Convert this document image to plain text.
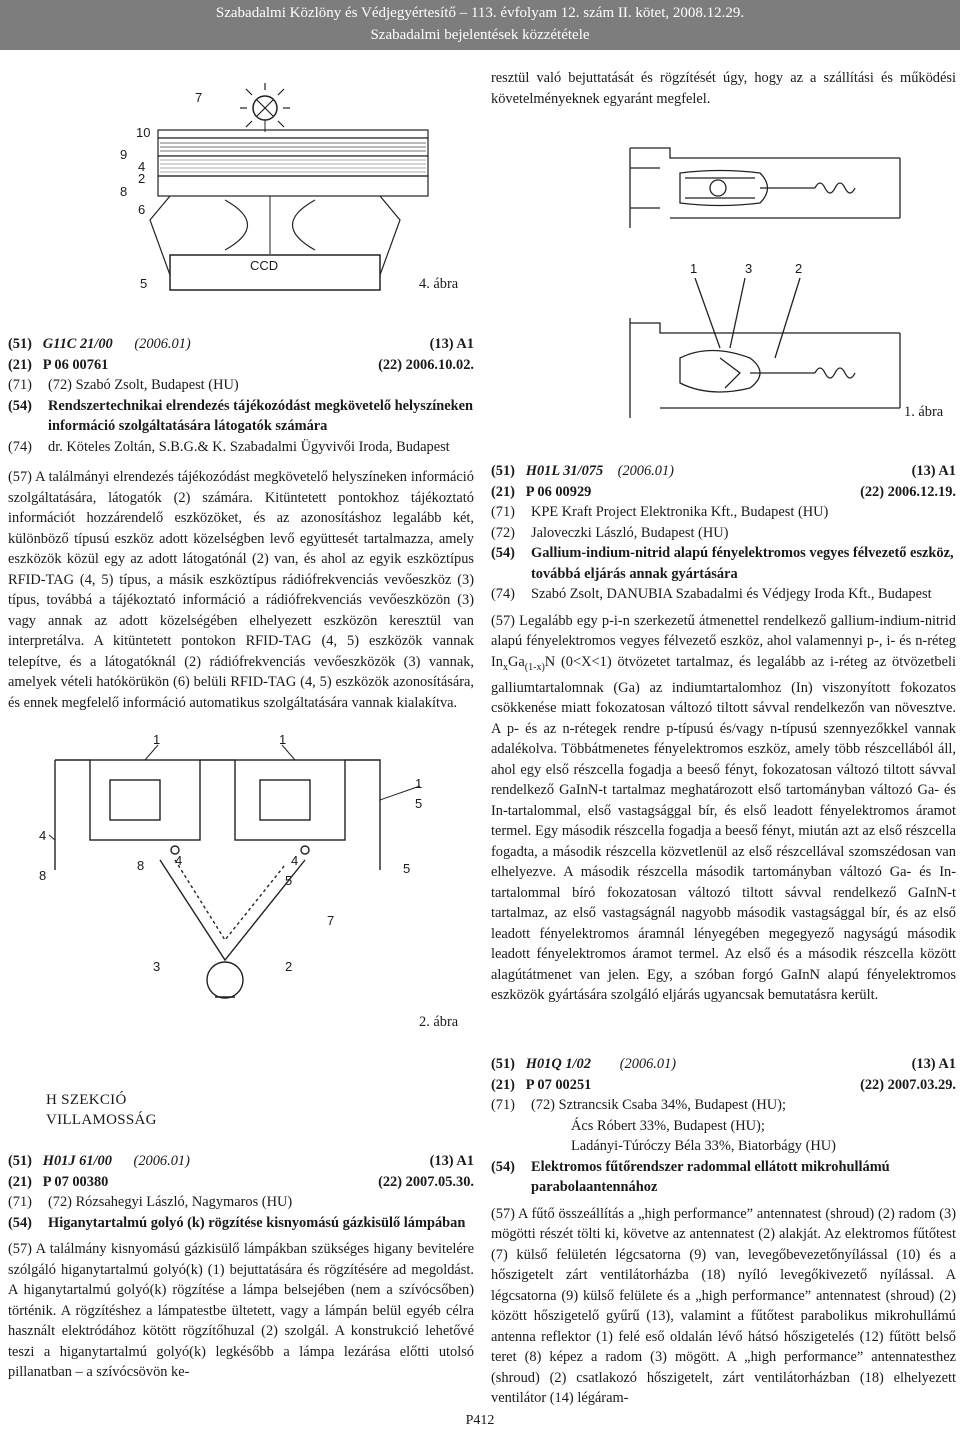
Szabadalmi Közlöny és Védjegyértesítő – 113. évfolyam 12. szám II. kötet, 2008.12.29.
Szabadalmi bejelentések közzététele
CCD
7
10
9
4
2
8
6
5	4. ábra

resztül való bejuttatását és rögzítését úgy, hogy az a szállítási és működési követelményeknek egyaránt megfelel.

1	3	2
1. ábra
(51) G11C 21/00 (2006.01)	(13) A1
(21) P 06 00761	(22) 2006.10.02.
(71)	(72) Szabó Zsolt, Budapest (HU)
(54)	Rendszertechnikai elrendezés tájékozódást megkövetelő helyszíneken információ szolgáltatására látogatók számára
(74)	dr. Köteles Zoltán, S.B.G.& K. Szabadalmi Ügyvivői Iroda, Budapest

(57) A találmányi elrendezés tájékozódást megkövetelő helyszíneken információ szolgáltatására, látogatók (2) számára. Kitüntetett pontokhoz tájékoztató információt hozzárendelő eszközöket, és az azonosításhoz legalább két, különböző típusú eszköz adott közelségben levő együttesét tartalmazza, amely eszközök közül egy az adott látogatónál (2) van, és ahol az egyik eszköztípus RFID-TAG (4, 5) típus, a másik eszköztípus rádiófrekvenciás vevőeszköz (3) típus, továbbá a tájékoztató információ a rádiófrekvenciás vevőeszközön (3) vagy annak az adott közelségében elhelyezett eszközön keresztül van interpretálva. A kitüntetett pontokon RFID-TAG (4, 5) eszközök vannak telepítve, és a látogatóknál (2) rádiófrekvenciás vevőeszközök (3) vannak, amelyek vételi hatókörükön (6) belüli RFID-TAG (4, 5) eszközök azonosítására, és ennek megfelelő információ automatikus szolgáltatására vannak kialakítva.

1	1
1
5
4
8
8 4	4
5
5
7
3	2
2. ábra
(51) H01L 31/075 (2006.01)	(13) A1
(21) P 06 00929	(22) 2006.12.19.
(71)	KPE Kraft Project Elektronika Kft., Budapest (HU)
(72)	Jaloveczki László, Budapest (HU)
(54)	Gallium-indium-nitrid alapú fényelektromos vegyes félvezető eszköz, továbbá eljárás annak gyártására
(74)	Szabó Zsolt, DANUBIA Szabadalmi és Védjegy Iroda Kft., Budapest

(57) Legalább egy p-i-n szerkezetű átmenettel rendelkező gallium-indium-nitrid alapú fényelektromos vegyes félvezető eszköz, ahol valamennyi p-, i- és n-réteg $In_xGa_{(1-x)}N$ (0<X<1) ötvözetet tartalmaz, és legalább az i-réteg az ötvözetbeli galliumtartalomnak (Ga) az indiumtartalomhoz (In) viszonyított fokozatos csökkenése miatt fokozatosan változó tiltott sávval rendelkezőn van növesztve. A p- és az n-rétegek rendre p-típusú és/vagy n-típusú szennyezőkkel vannak adalékolva. Többátmenetes fényelektromos eszköz, amely több részcellából áll, ahol egy első részcella fogadja a beeső fényt, fokozatosan változó tiltott sávval rendelkező GaInN-t tartalmaz meghatározott első tartományban változó Ga- és In-tartalommal, első vastagsággal bír, és első leadott fényelektromos áramot termel. Egy második részcella fogadja a beeső fényt, miután azt az első részcella fogadta, a második részcella közvetlenül az első részcellával szomszédosan van elhelyezve. A második részcella második tartományban változó Ga- és In-tartalommal bíró fokozatosan változó tiltott sávval rendelkező GaInN-t tartalmaz, az első vastagságnál nagyobb második vastagsággal bír, és az első leadott fényelektromos áramnál lényegében megegyező nagyságú második leadott fényelektromos áramot termel. Az első és a második részcella között alagútátmenet van jelen. Egy, a szóban forgó GaInN alapú fényelektromos eszközök gyártására szolgáló eljárás ugyancsak bemutatásra került.

H SZEKCIÓ
VILLAMOSSÁG
(51) H01J 61/00 (2006.01)	(13) A1
(21) P 07 00380	(22) 2007.05.30.
(71)	(72) Rózsahegyi László, Nagymaros (HU)
(54)	Higanytartalmú golyó (k) rögzítése kisnyomású gázkisülő lámpában

(57) A találmány kisnyomású gázkisülő lámpákban szükséges higany bevitelére szólgáló higanytartalmú golyó(k) (1) bejuttatására és rögzítésére ad megoldást. A higanytartalmú golyó(k) rögzítése a lámpa belsejében (nem a szívócsőben) történik. A rögzítéshez a lámpatestbe ültetett, vagy a lámpán belül egyéb célra használt elektródához kötött rögzítőhuzal (2) szolgál. A konstrukció lehetővé teszi a higanytartalmú golyó(k) legkésőbb a lámpa lezárása előtti utolsó pillanatban – a szívócsövön ke-

(51) H01Q 1/02 (2006.01)	(13) A1
(21) P 07 00251	(22) 2007.03.29.
(71)	(72) Sztrancsik Csaba 34%, Budapest (HU);
Ács Róbert 33%, Budapest (HU);
Ladányi-Túróczy Béla 33%, Biatorbágy (HU)
(54)	Elektromos fűtőrendszer radommal ellátott mikrohullámú parabolaantennához

(57) A fűtő összeállítás a „high performance” antennatest (shroud) (2) radom (3) mögötti részét tölti ki, követve az antennatest (2) alakját. Az elektromos fűtőtest (7) külső felületén légcsatorna (9) van, levegőbevezetőnyílással (10) és a hőszigetelt zárt ventilátorházba (18) nyíló levegőkivezető nyílással. A légcsatorna (9) külső felülete és a „high performance” antennatest (shroud) (2) között hőszigetelő gyűrű (13), valamint a fűtőtest parabolikus mikrohullámú antenna reflektor (1) felé eső oldalán lévő hátsó hőszigetelés (12) fűtött belső teret (8) képez a radom (3) mögött. A „high performance” antennatesthez (shroud) (2) csatlakozó hőszigetelt, zárt ventilátorházban (18) elhelyezett ventilátor (14) légáram-

P412
